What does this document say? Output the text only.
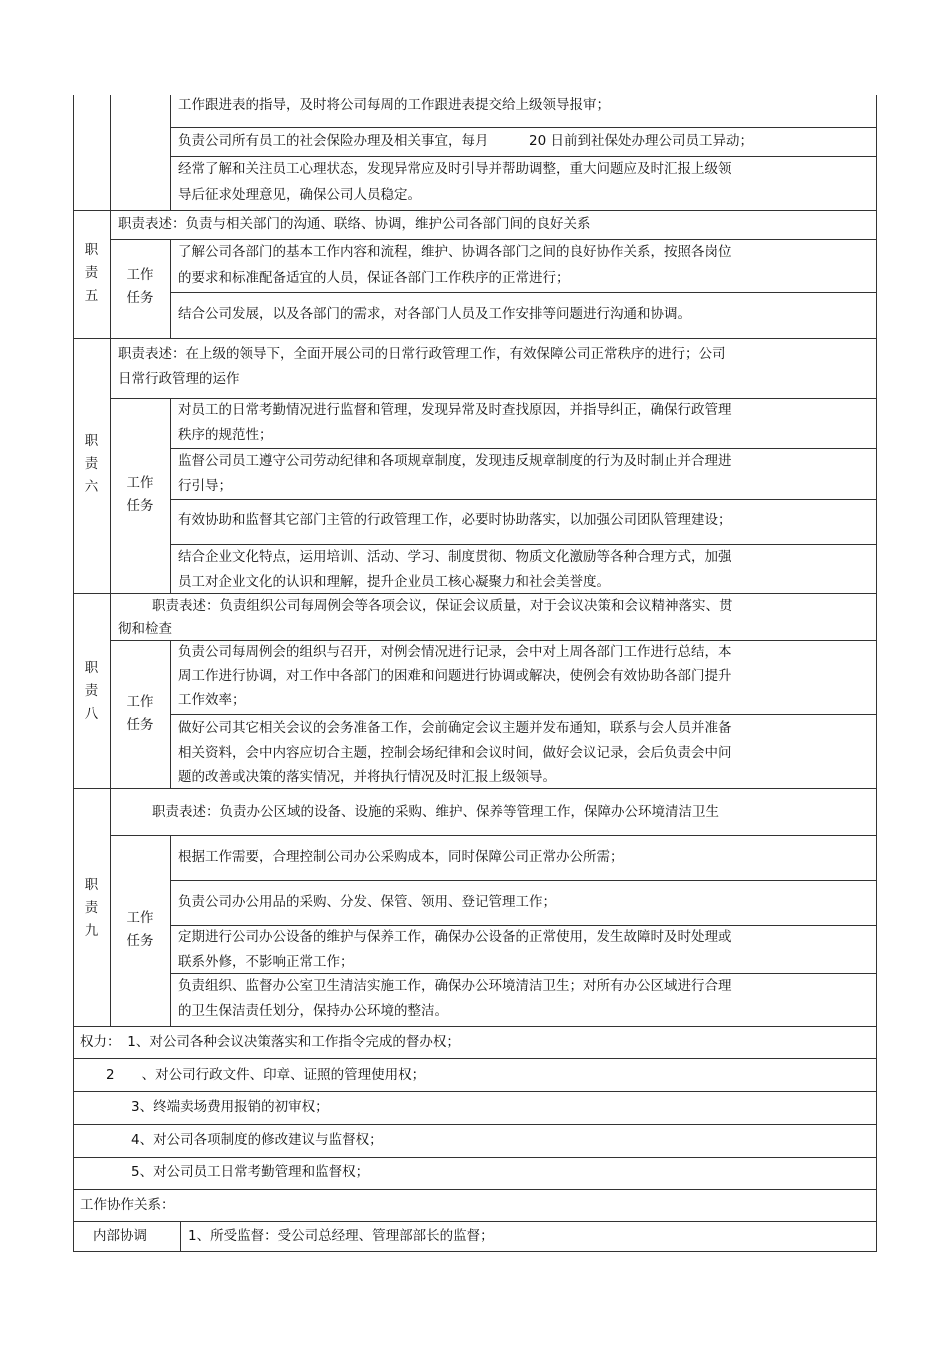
工作跟进表的指导，及时将公司每周的工作跟进表提交给上级领导报审；
负责公司所有员工的社会保险办理及相关事宜，每月　　　20 日前到社保处办理公司员工异动；
经常了解和关注员工心理状态，发现异常应及时引导并帮助调整，重大问题应及时汇报上级领
导后征求处理意见，确保公司人员稳定。
职
责
五
职责表述：负责与相关部门的沟通、联络、协调，维护公司各部门间的良好关系
工作
任务
了解公司各部门的基本工作内容和流程，维护、协调各部门之间的良好协作关系，按照各岗位
的要求和标准配备适宜的人员，保证各部门工作秩序的正常进行；
结合公司发展，以及各部门的需求，对各部门人员及工作安排等问题进行沟通和协调。
职
责
六
职责表述：在上级的领导下，全面开展公司的日常行政管理工作，有效保障公司正常秩序的进行；公司
日常行政管理的运作
工作
任务
对员工的日常考勤情况进行监督和管理，发现异常及时查找原因，并指导纠正，确保行政管理
秩序的规范性；
监督公司员工遵守公司劳动纪律和各项规章制度，发现违反规章制度的行为及时制止并合理进
行引导；
有效协助和监督其它部门主管的行政管理工作，必要时协助落实，以加强公司团队管理建设；
结合企业文化特点，运用培训、活动、学习、制度贯彻、物质文化激励等各种合理方式，加强
员工对企业文化的认识和理解，提升企业员工核心凝聚力和社会美誉度。
职
责
八
职责表述：负责组织公司每周例会等各项会议，保证会议质量，对于会议决策和会议精神落实、贯
彻和检查
工作
任务
负责公司每周例会的组织与召开，对例会情况进行记录，会中对上周各部门工作进行总结，本
周工作进行协调，对工作中各部门的困难和问题进行协调或解决，使例会有效协助各部门提升
工作效率；
做好公司其它相关会议的会务准备工作，会前确定会议主题并发布通知，联系与会人员并准备
相关资料，会中内容应切合主题，控制会场纪律和会议时间，做好会议记录，会后负责会中问
题的改善或决策的落实情况，并将执行情况及时汇报上级领导。
职
责
九
职责表述：负责办公区域的设备、设施的采购、维护、保养等管理工作，保障办公环境清洁卫生
工作
任务
根据工作需要，合理控制公司办公采购成本，同时保障公司正常办公所需；
负责公司办公用品的采购、分发、保管、领用、登记管理工作；
定期进行公司办公设备的维护与保养工作，确保办公设备的正常使用，发生故障时及时处理或
联系外修，不影响正常工作；
负责组织、监督办公室卫生清洁实施工作，确保办公环境清洁卫生；对所有办公区域进行合理
的卫生保洁责任划分，保持办公环境的整洁。
权力：　1、对公司各种会议决策落实和工作指令完成的督办权；
2　　、对公司行政文件、印章、证照的管理使用权；
3、终端卖场费用报销的初审权；
4、对公司各项制度的修改建议与监督权；
5、对公司员工日常考勤管理和监督权；
工作协作关系：
内部协调	1、所受监督：受公司总经理、管理部部长的监督；
